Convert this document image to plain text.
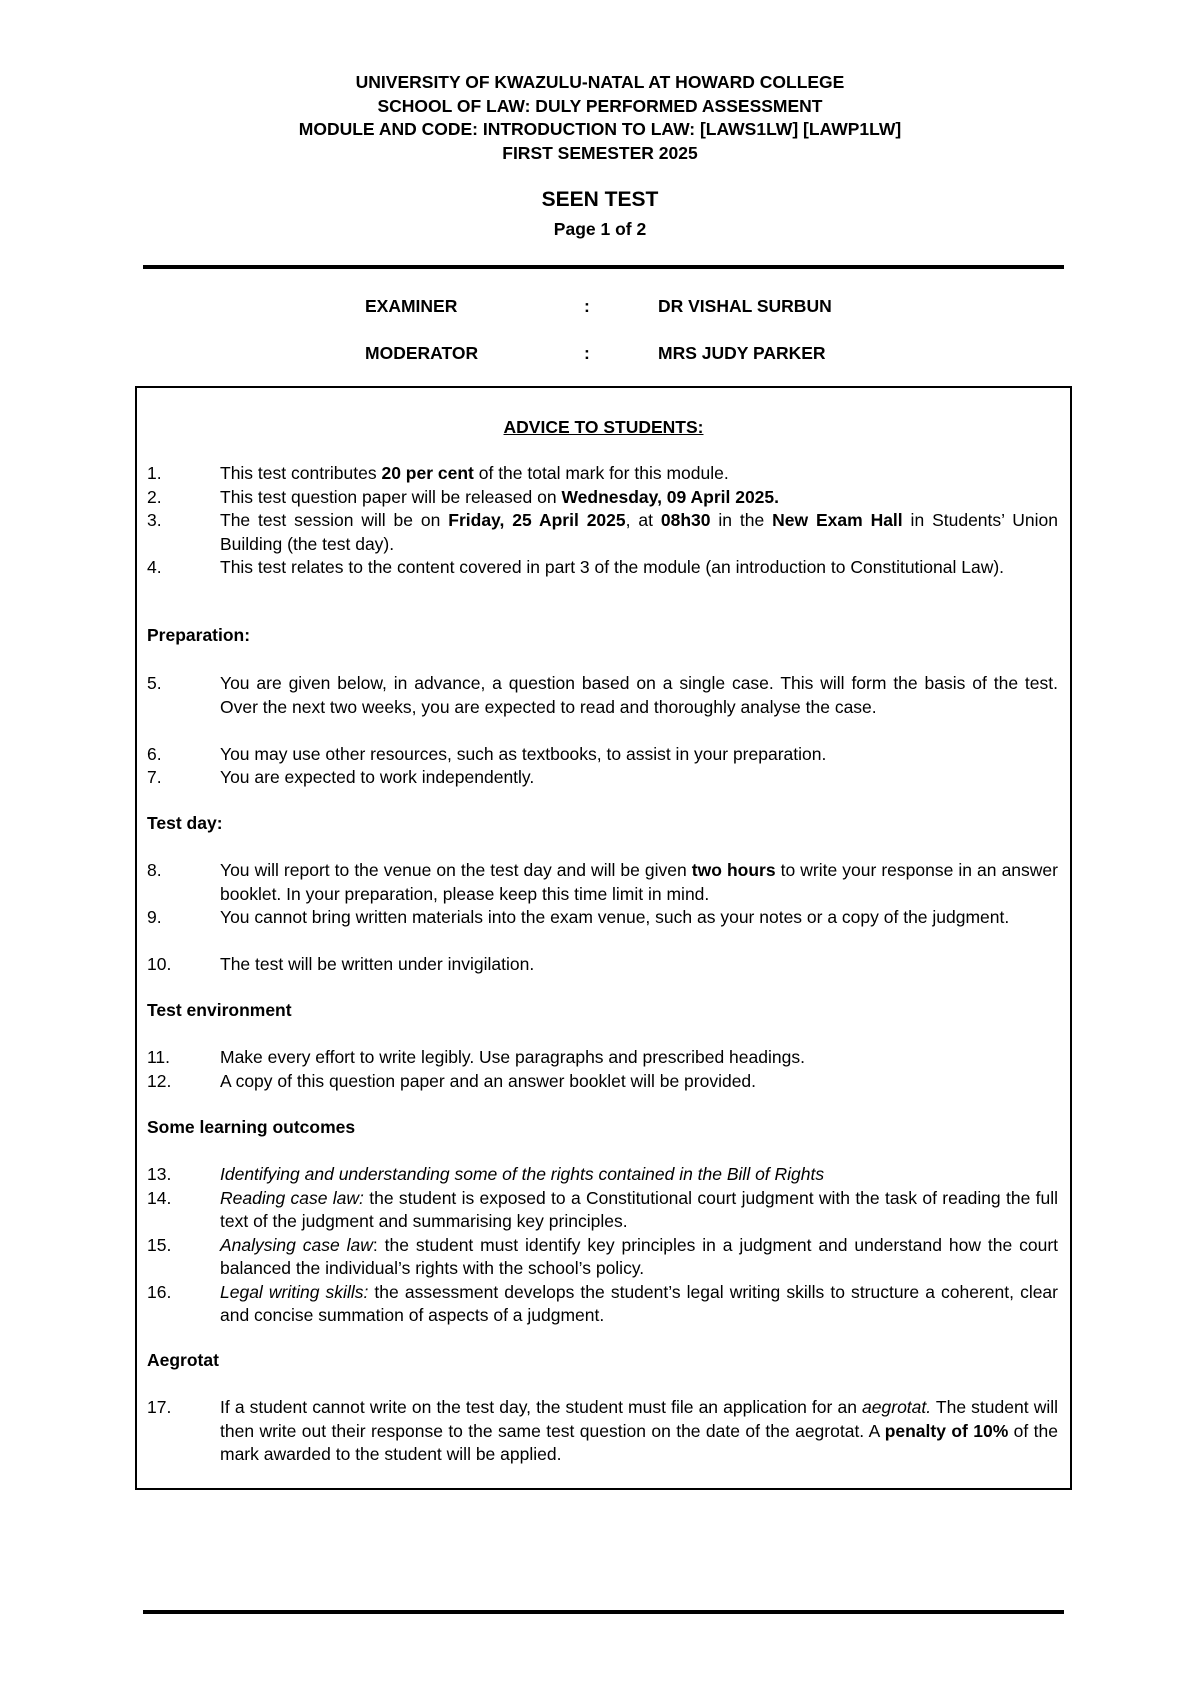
UNIVERSITY OF KWAZULU-NATAL AT HOWARD COLLEGE
SCHOOL OF LAW: DULY PERFORMED ASSESSMENT
MODULE AND CODE: INTRODUCTION TO LAW: [LAWS1LW] [LAWP1LW]
FIRST SEMESTER 2025
SEEN TEST
Page 1 of 2
EXAMINER	:	DR VISHAL SURBUN
MODERATOR	:	MRS JUDY PARKER
ADVICE TO STUDENTS:
1.	This test contributes 20 per cent of the total mark for this module.
2.	This test question paper will be released on Wednesday, 09 April 2025.
3.	The test session will be on Friday, 25 April 2025, at 08h30 in the New Exam Hall in Students’ Union Building (the test day).
4.	This test relates to the content covered in part 3 of the module (an introduction to Constitutional Law).
Preparation:
5.	You are given below, in advance, a question based on a single case. This will form the basis of the test. Over the next two weeks, you are expected to read and thoroughly analyse the case.
6.	You may use other resources, such as textbooks, to assist in your preparation.
7.	You are expected to work independently.
Test day:
8.	You will report to the venue on the test day and will be given two hours to write your response in an answer booklet. In your preparation, please keep this time limit in mind.
9.	You cannot bring written materials into the exam venue, such as your notes or a copy of the judgment.
10.	The test will be written under invigilation.
Test environment
11.	Make every effort to write legibly. Use paragraphs and prescribed headings.
12.	A copy of this question paper and an answer booklet will be provided.
Some learning outcomes
13.	Identifying and understanding some of the rights contained in the Bill of Rights
14.	Reading case law: the student is exposed to a Constitutional court judgment with the task of reading the full text of the judgment and summarising key principles.
15.	Analysing case law: the student must identify key principles in a judgment and understand how the court balanced the individual’s rights with the school’s policy.
16.	Legal writing skills: the assessment develops the student’s legal writing skills to structure a coherent, clear and concise summation of aspects of a judgment.
Aegrotat
17.	If a student cannot write on the test day, the student must file an application for an aegrotat. The student will then write out their response to the same test question on the date of the aegrotat. A penalty of 10% of the mark awarded to the student will be applied.
